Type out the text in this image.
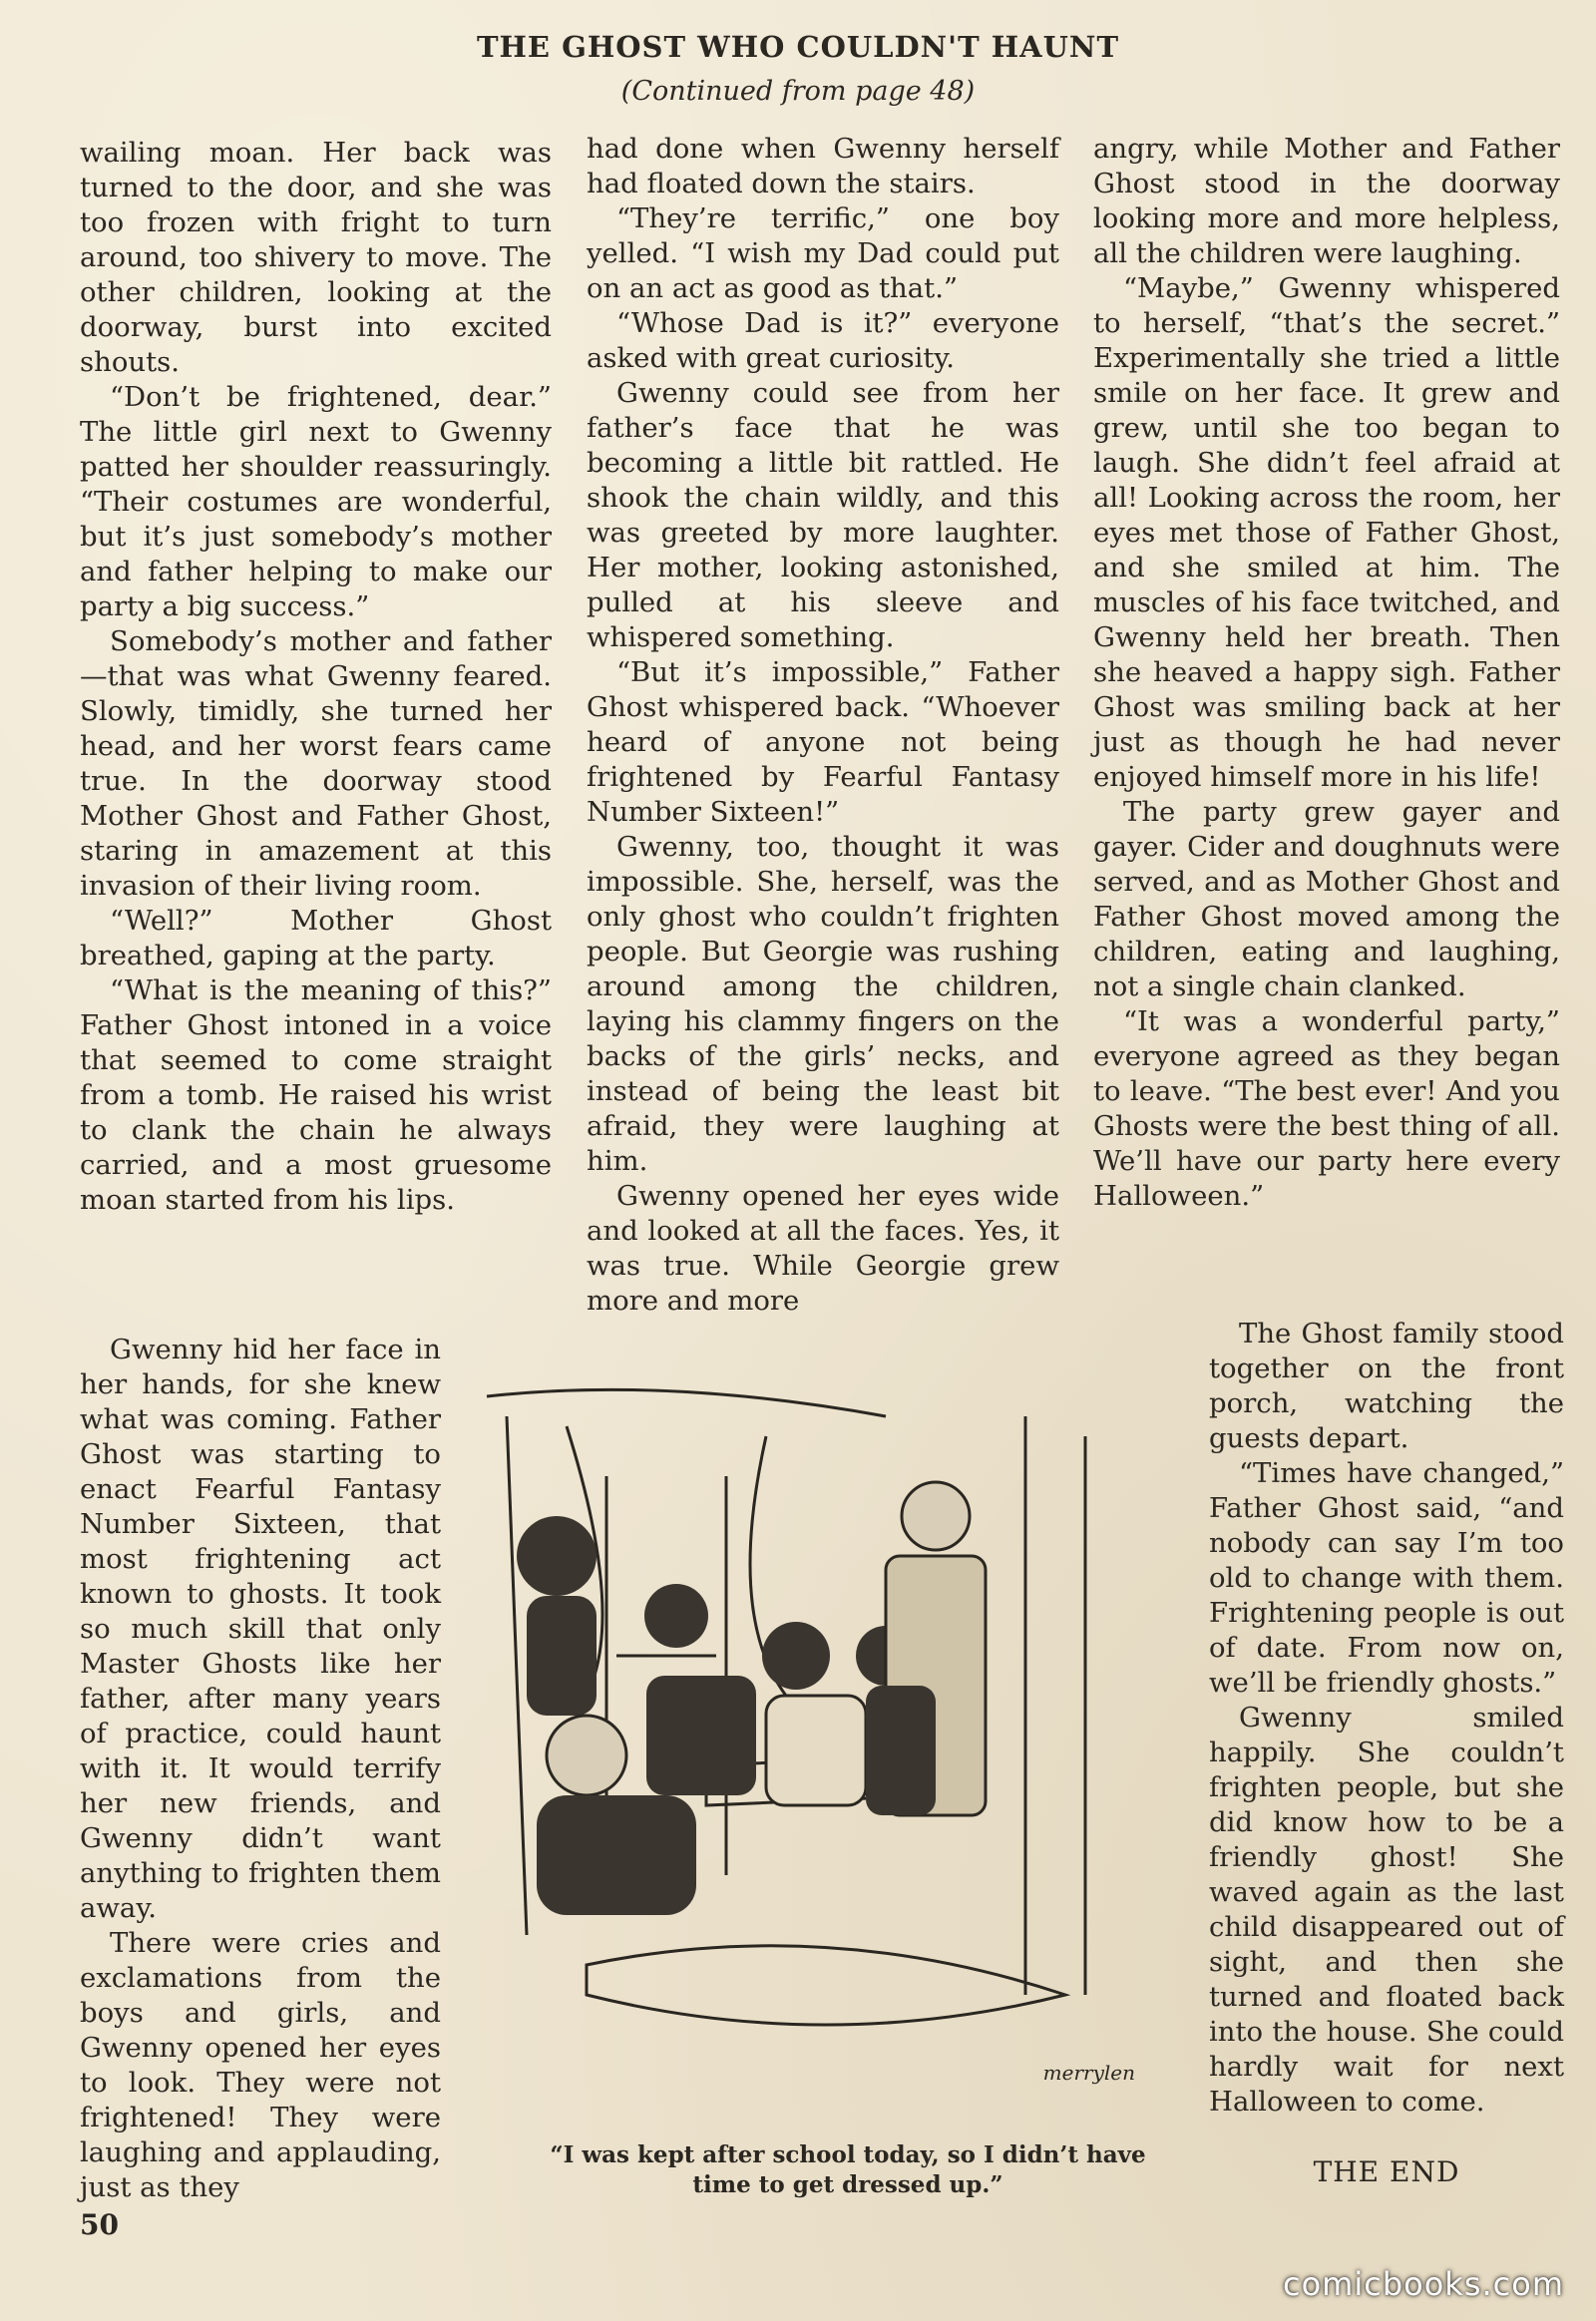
THE GHOST WHO COULDN'T HAUNT
(Continued from page 48)

wailing moan. Her back was turned to the door, and she was too frozen with fright to turn around, too shivery to move. The other children, looking at the doorway, burst into excited shouts.

“Don’t be frightened, dear.” The little girl next to Gwenny patted her shoulder reassuringly. “Their costumes are wonderful, but it’s just somebody’s mother and father helping to make our party a big success.”

Somebody’s mother and father—that was what Gwenny feared. Slowly, timidly, she turned her head, and her worst fears came true. In the doorway stood Mother Ghost and Father Ghost, staring in amazement at this invasion of their living room.

“Well?” Mother Ghost breathed, gaping at the party.

“What is the meaning of this?” Father Ghost intoned in a voice that seemed to come straight from a tomb. He raised his wrist to clank the chain he always carried, and a most gruesome moan started from his lips.

Gwenny hid her face in her hands, for she knew what was coming. Father Ghost was starting to enact Fearful Fantasy Number Sixteen, that most frightening act known to ghosts. It took so much skill that only Master Ghosts like her father, after many years of practice, could haunt with it. It would terrify her new friends, and Gwenny didn’t want anything to frighten them away.

There were cries and exclamations from the boys and girls, and Gwenny opened her eyes to look. They were not frightened! They were laughing and applauding, just as they

had done when Gwenny herself had floated down the stairs.

“They’re terrific,” one boy yelled. “I wish my Dad could put on an act as good as that.”

“Whose Dad is it?” everyone asked with great curiosity.

Gwenny could see from her father’s face that he was becoming a little bit rattled. He shook the chain wildly, and this was greeted by more laughter. Her mother, looking astonished, pulled at his sleeve and whispered something.

“But it’s impossible,” Father Ghost whispered back. “Whoever heard of anyone not being frightened by Fearful Fantasy Number Sixteen!”

Gwenny, too, thought it was impossible. She, herself, was the only ghost who couldn’t frighten people. But Georgie was rushing around among the children, laying his clammy fingers on the backs of the girls’ necks, and instead of being the least bit afraid, they were laughing at him.

Gwenny opened her eyes wide and looked at all the faces. Yes, it was true. While Georgie grew more and more

angry, while Mother and Father Ghost stood in the doorway looking more and more helpless, all the children were laughing.

“Maybe,” Gwenny whispered to herself, “that’s the secret.” Experimentally she tried a little smile on her face. It grew and grew, until she too began to laugh. She didn’t feel afraid at all! Looking across the room, her eyes met those of Father Ghost, and she smiled at him. The muscles of his face twitched, and Gwenny held her breath. Then she heaved a happy sigh. Father Ghost was smiling back at her just as though he had never enjoyed himself more in his life!

The party grew gayer and gayer. Cider and doughnuts were served, and as Mother Ghost and Father Ghost moved among the children, eating and laughing, not a single chain clanked.

“It was a wonderful party,” everyone agreed as they began to leave. “The best ever! And you Ghosts were the best thing of all. We’ll have our party here every Halloween.”

The Ghost family stood together on the front porch, watching the guests depart.

“Times have changed,” Father Ghost said, “and nobody can say I’m too old to change with them. Frightening people is out of date. From now on, we’ll be friendly ghosts.”

Gwenny smiled happily. She couldn’t frighten people, but she did know how to be a friendly ghost! She waved again as the last child disappeared out of sight, and then she turned and floated back into the house. She could hardly wait for next Halloween to come.

THE END
merrylen
“I was kept after school today, so I didn’t have time to get dressed up.”
50
comicbooks.com
